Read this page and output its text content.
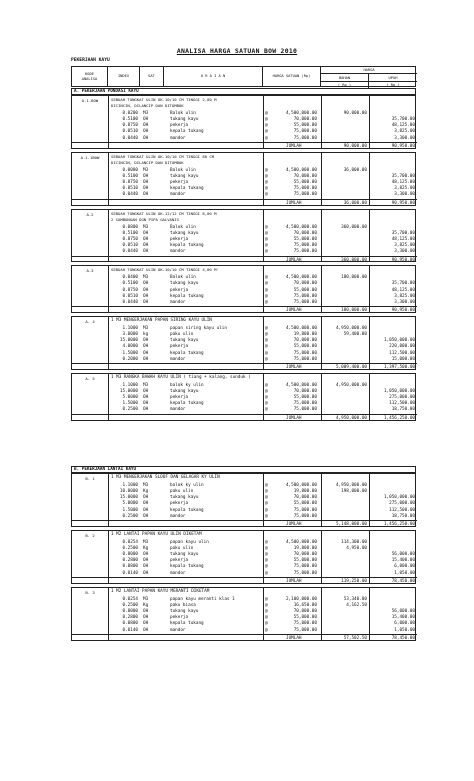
ANALISA HARGA SATUAN BOW 2010
PEKERJAAN KAYU
KODE
ANALISA
INDEX	SAT	U R A I A N	HARGA SATUAN (Rp)
HARGA
BAHAN
( Rp )
UPAH
( Rp )
A. PEKERJAAN PONDASI KAYU
A.1.BOW	SEBUAH TONGKAT ULIN UK.10/10 CM TINGGI 2,00 M
DICINCIN, DILANCIP DAN DITUMBUK
0.0200 M3	Balok ulin	@	4,500,000.00	90,000.00
0.5100 OH	tukang kayu	@	70,000.00	35,700.00
0.8750 OH	pekerja	@	55,000.00	48,125.00
0.0510 OH	kepala tukang	@	75,000.00	3,825.00
0.0440 OH	mandor	@	75,000.00	3,300.00
JUMLAH	90,000.00	90,950.00
A.1.1BOW	SEBUAH TONGKAT ULIN UK.10/10 CM TINGGI 80 CM
DICINCIN, DILANCIP DAN DITUMBUK
0.0080 M3	Balok ulin	@	4,500,000.00	36,000.00
0.5100 OH	tukang kayu	@	70,000.00	35,700.00
0.8750 OH	pekerja	@	55,000.00	48,125.00
0.0510 OH	kepala tukang	@	75,000.00	3,825.00
0.0440 OH	mandor	@	75,000.00	3,300.00
JUMLAH	36,000.00	90,950.00
A.2	SEBUAH TONGKAT ULIN UK.12/12 CM TINGGI 8,00 M
2 SAMBUNGAN DGN PIPA GALVANIS
0.0800 M3	Balok ulin	@	4,500,000.00	360,000.00
0.5100 OH	tukang kayu	@	70,000.00	35,700.00
0.8750 OH	pekerja	@	55,000.00	48,125.00
0.0510 OH	kepala tukang	@	75,000.00	3,825.00
0.0440 OH	mandor	@	75,000.00	3,300.00
JUMLAH	360,000.00	90,950.00
A.3	SEBUAH TONGKAT ULIN UK.10/10 CM TINGGI 4,00 M'
0.0400 M3	Balok ulin	@	4,500,000.00	180,000.00
0.5100 OH	tukang kayu	@	70,000.00	35,700.00
0.8750 OH	pekerja	@	55,000.00	48,125.00
0.0510 OH	kepala tukang	@	75,000.00	3,825.00
0.0440 OH	mandor	@	75,000.00	3,300.00
JUMLAH	180,000.00	90,950.00
A. 4	1 M3 MENGERJAKAN PAPAN SIRING KAYU ULIN
1.1000 M3	papan siring kayu ulin	@	4,500,000.00	4,950,000.00
3.0000 kg	paku ulin	@	19,800.00	59,400.00
15.0000 OH	tukang kayu	@	70,000.00	1,050,000.00
4.0000 OH	pekerja	@	55,000.00	220,000.00
1.5000 OH	kepala tukang	@	75,000.00	112,500.00
0.2000 OH	mandor	@	75,000.00	15,000.00
JUMLAH	5,009,400.00	1,397,500.00
A. 5	1 M3 RANGKA BAWAH KAYU ULIN ( tiang + kalang, sunduk )
1.1000 M3	balok ky ulin	@	4,500,000.00	4,950,000.00
15.0000 OH	tukang kayu	@	70,000.00	1,050,000.00
5.0000 OH	pekerja	@	55,000.00	275,000.00
1.5000 OH	kepala tukang	@	75,000.00	112,500.00
0.2500 OH	mandor	@	75,000.00	18,750.00
JUMLAH	4,950,000.00	1,456,250.00
B. PEKERJAAN LANTAI KAYU
B. 1	1 M3 MENGERJAKAN SLOOF DAN GELAGAR KY ULIN
1.1000 M3	balok ky ulin	@	4,500,000.00	4,950,000.00
10.0000 Kg	paku ulin	@	19,800.00	198,000.00
15.0000 OH	tukang kayu	@	70,000.00	1,050,000.00
5.0000 OH	pekerja	@	55,000.00	275,000.00
1.5000 OH	kepala tukang	@	75,000.00	112,500.00
0.2500 OH	mandor	@	75,000.00	18,750.00
JUMLAH	5,148,000.00	1,456,250.00
B. 2	1 M2 LANTAI PAPAN KAYU ULIN DIKETAM
0.0254 M3	papan kayu ulin	@	4,500,000.00	114,300.00
0.2500 Kg	paku ulin	@	19,800.00	4,950.00
0.8000 OH	tukang kayu	@	70,000.00	56,000.00
0.2800 OH	pekerja	@	55,000.00	15,400.00
0.0800 OH	kepala tukang	@	75,000.00	6,000.00
0.0140 OH	mandor	@	75,000.00	1,050.00
JUMLAH	119,250.00	78,450.00
B. 3	1 M2 LANTAI PAPAN KAYU MERANTI DIKETAM
0.0254 M3	papan kayu meranti klas 1	@	2,100,000.00	53,340.00
0.2500 Kg	paku biasa	@	16,650.00	4,162.50
0.8000 OH	tukang kayu	@	70,000.00	56,000.00
0.2800 OH	pekerja	@	55,000.00	15,400.00
0.0800 OH	kepala tukang	@	75,000.00	6,000.00
0.0140 OH	mandor	@	75,000.00	1,050.00
JUMLAH	57,502.50	78,450.00
